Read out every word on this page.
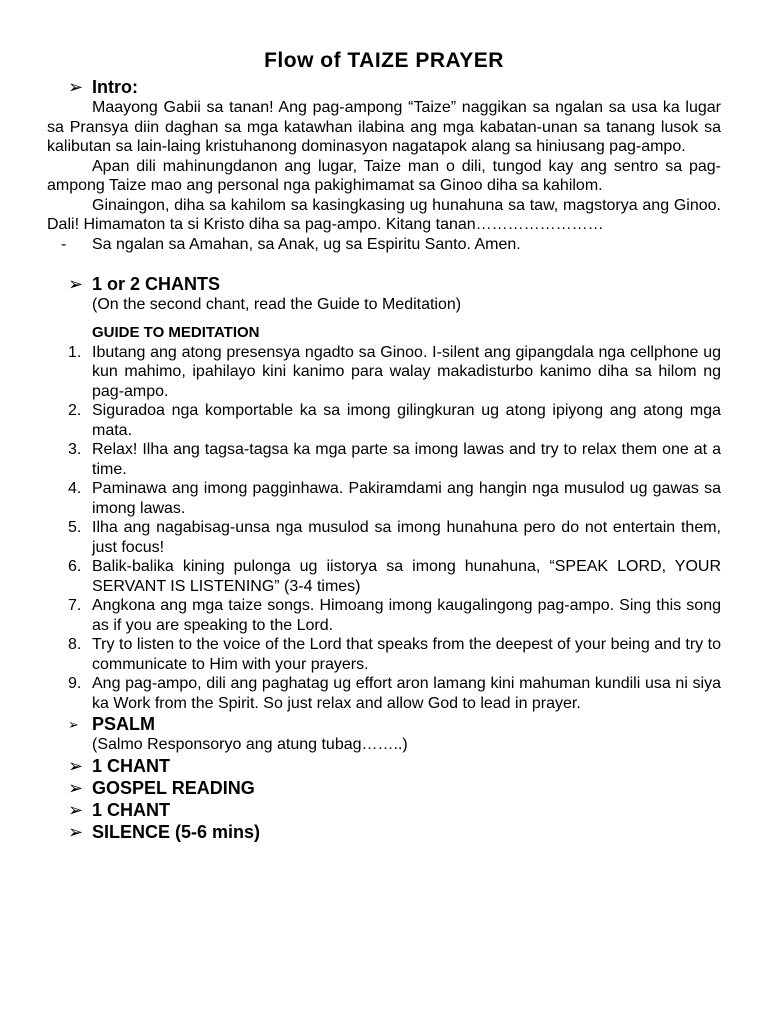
Flow of TAIZE PRAYER
➢ Intro:

Maayong Gabii sa tanan! Ang pag-ampong “Taize” naggikan sa ngalan sa usa ka lugar sa Pransya diin daghan sa mga katawhan ilabina ang mga kabatan-unan sa tanang lusok sa kalibutan sa lain-laing kristuhanong dominasyon nagatapok alang sa hiniusang pag-ampo.

Apan dili mahinungdanon ang lugar, Taize man o dili, tungod kay ang sentro sa pag-ampong Taize mao ang personal nga pakighimamat sa Ginoo diha sa kahilom.

Ginaingon, diha sa kahilom sa kasingkasing ug hunahuna sa taw, magstorya ang Ginoo. Dali! Himamaton ta si Kristo diha sa pag-ampo. Kitang tanan……………………

- Sa ngalan sa Amahan, sa Anak, ug sa Espiritu Santo. Amen.

➢ 1 or 2 CHANTS

(On the second chant, read the Guide to Meditation)

GUIDE TO MEDITATION

1. Ibutang ang atong presensya ngadto sa Ginoo. I-silent ang gipangdala nga cellphone ug kun mahimo, ipahilayo kini kanimo para walay makadisturbo kanimo diha sa hilom ng pag-ampo.
2. Siguradoa nga komportable ka sa imong gilingkuran ug atong ipiyong ang atong mga mata.
3. Relax! Ilha ang tagsa-tagsa ka mga parte sa imong lawas and try to relax them one at a time.
4. Paminawa ang imong pagginhawa. Pakiramdami ang hangin nga musulod ug gawas sa imong lawas.
5. Ilha ang nagabisag-unsa nga musulod sa imong hunahuna pero do not entertain them, just focus!
6. Balik-balika kining pulonga ug iistorya sa imong hunahuna, “SPEAK LORD, YOUR SERVANT IS LISTENING” (3-4 times)
7. Angkona ang mga taize songs. Himoang imong kaugalingong pag-ampo. Sing this song as if you are speaking to the Lord.
8. Try to listen to the voice of the Lord that speaks from the deepest of your being and try to communicate to Him with your prayers.
9. Ang pag-ampo, dili ang paghatag ug effort aron lamang kini mahuman kundili usa ni siya ka Work from the Spirit. So just relax and allow God to lead in prayer.
➢ PSALM

(Salmo Responsoryo ang atung tubag……..)

➢ 1 CHANT
➢ GOSPEL READING
➢ 1 CHANT
➢ SILENCE (5-6 mins)
